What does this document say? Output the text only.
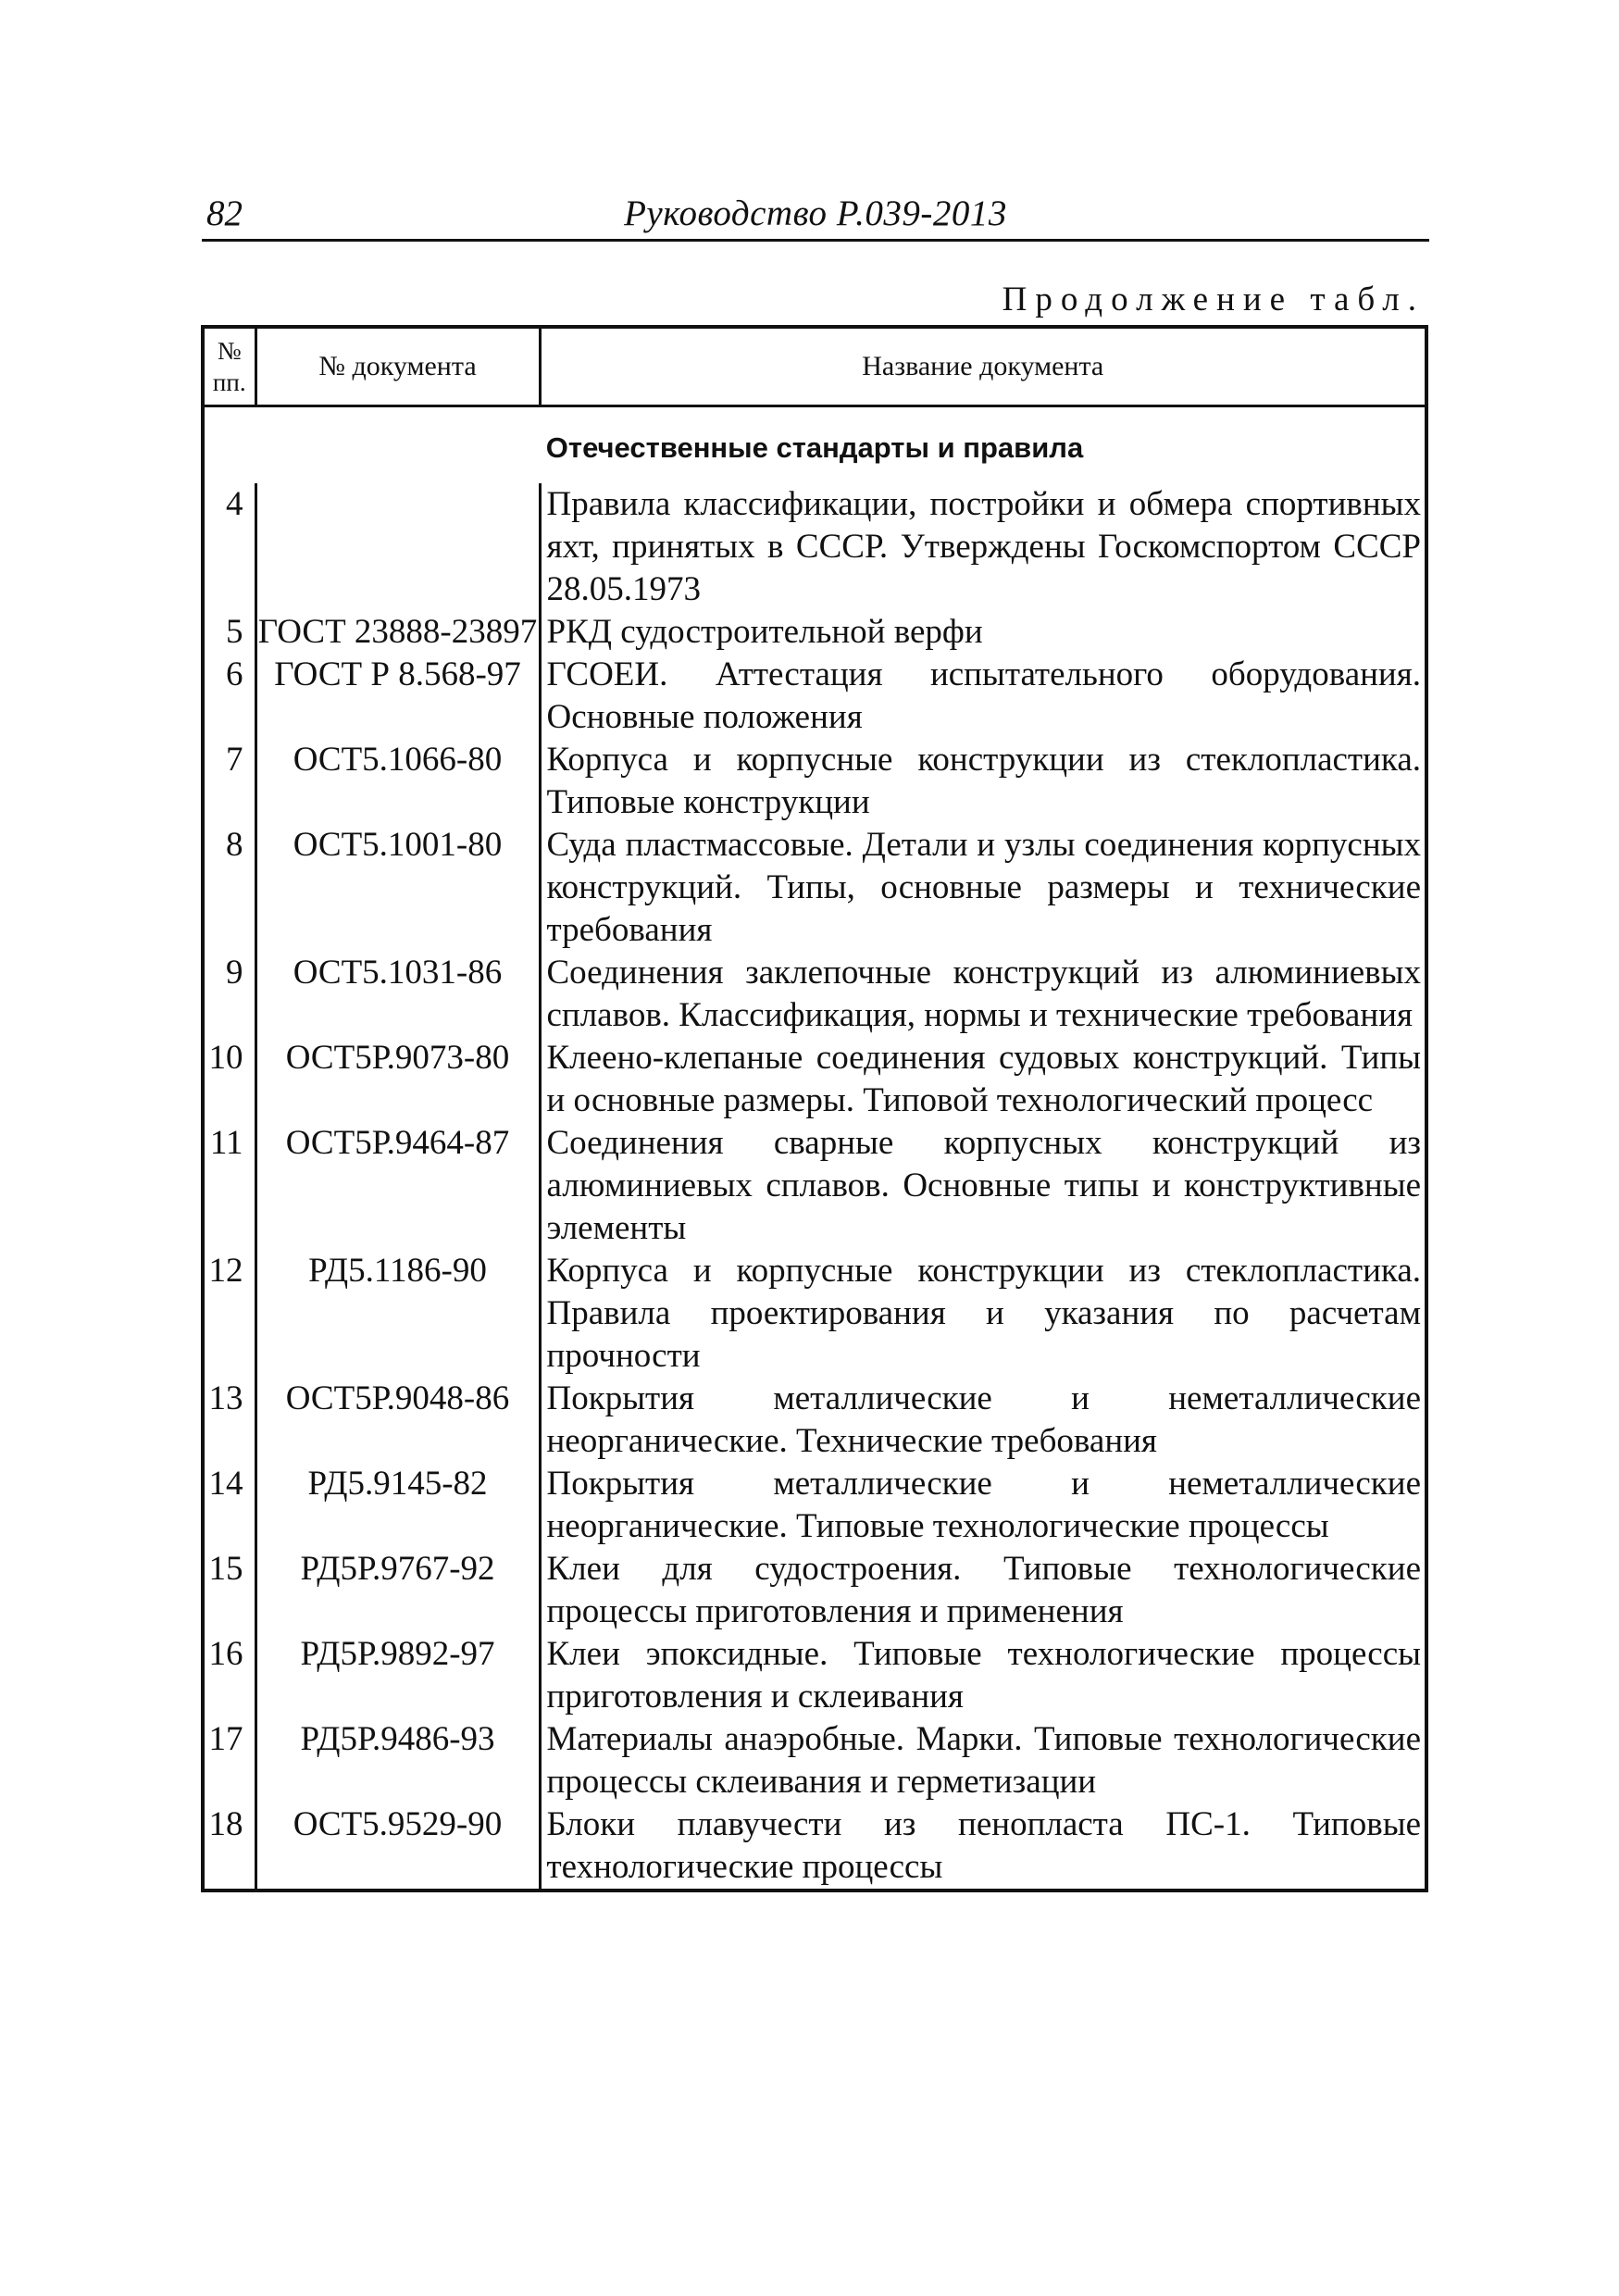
82	Руководство Р.039-2013
Продолжение табл.
№
пп.	№ документа	Название документа
Отечественные стандарты и правила		
4		Правила классификации, постройки и обмера спортивных яхт, принятых в СССР. Утверждены Госкомспортом СССР 28.05.1973
5	ГОСТ 23888-23897	РКД судостроительной верфи
6	ГОСТ Р 8.568-97	ГСОЕИ. Аттестация испытательного оборудования. Основные положения
7	ОСТ5.1066-80	Корпуса и корпусные конструкции из стеклопластика. Типовые конструкции
8	ОСТ5.1001-80	Суда пластмассовые. Детали и узлы соединения корпусных конструкций. Типы, основные размеры и технические требования
9	ОСТ5.1031-86	Соединения заклепочные конструкций из алюминиевых сплавов. Классификация, нормы и технические требования
10	ОСТ5Р.9073-80	Клеено-клепаные соединения судовых конструкций. Типы и основные размеры. Типовой технологический процесс
11	ОСТ5Р.9464-87	Соединения сварные корпусных конструкций из алюминиевых сплавов. Основные типы и конструктивные элементы
12	РД5.1186-90	Корпуса и корпусные конструкции из стеклопластика. Правила проектирования и указания по расчетам прочности
13	ОСТ5Р.9048-86	Покрытия металлические и неметаллические неорганические. Технические требования
14	РД5.9145-82	Покрытия металлические и неметаллические неорганические. Типовые технологические процессы
15	РД5Р.9767-92	Клеи для судостроения. Типовые технологические процессы приготовления и применения
16	РД5Р.9892-97	Клеи эпоксидные. Типовые технологические процессы приготовления и склеивания
17	РД5Р.9486-93	Материалы анаэробные. Марки. Типовые технологические процессы склеивания и герметизации
18	ОСТ5.9529-90	Блоки плавучести из пенопласта ПС-1. Типовые технологические процессы
